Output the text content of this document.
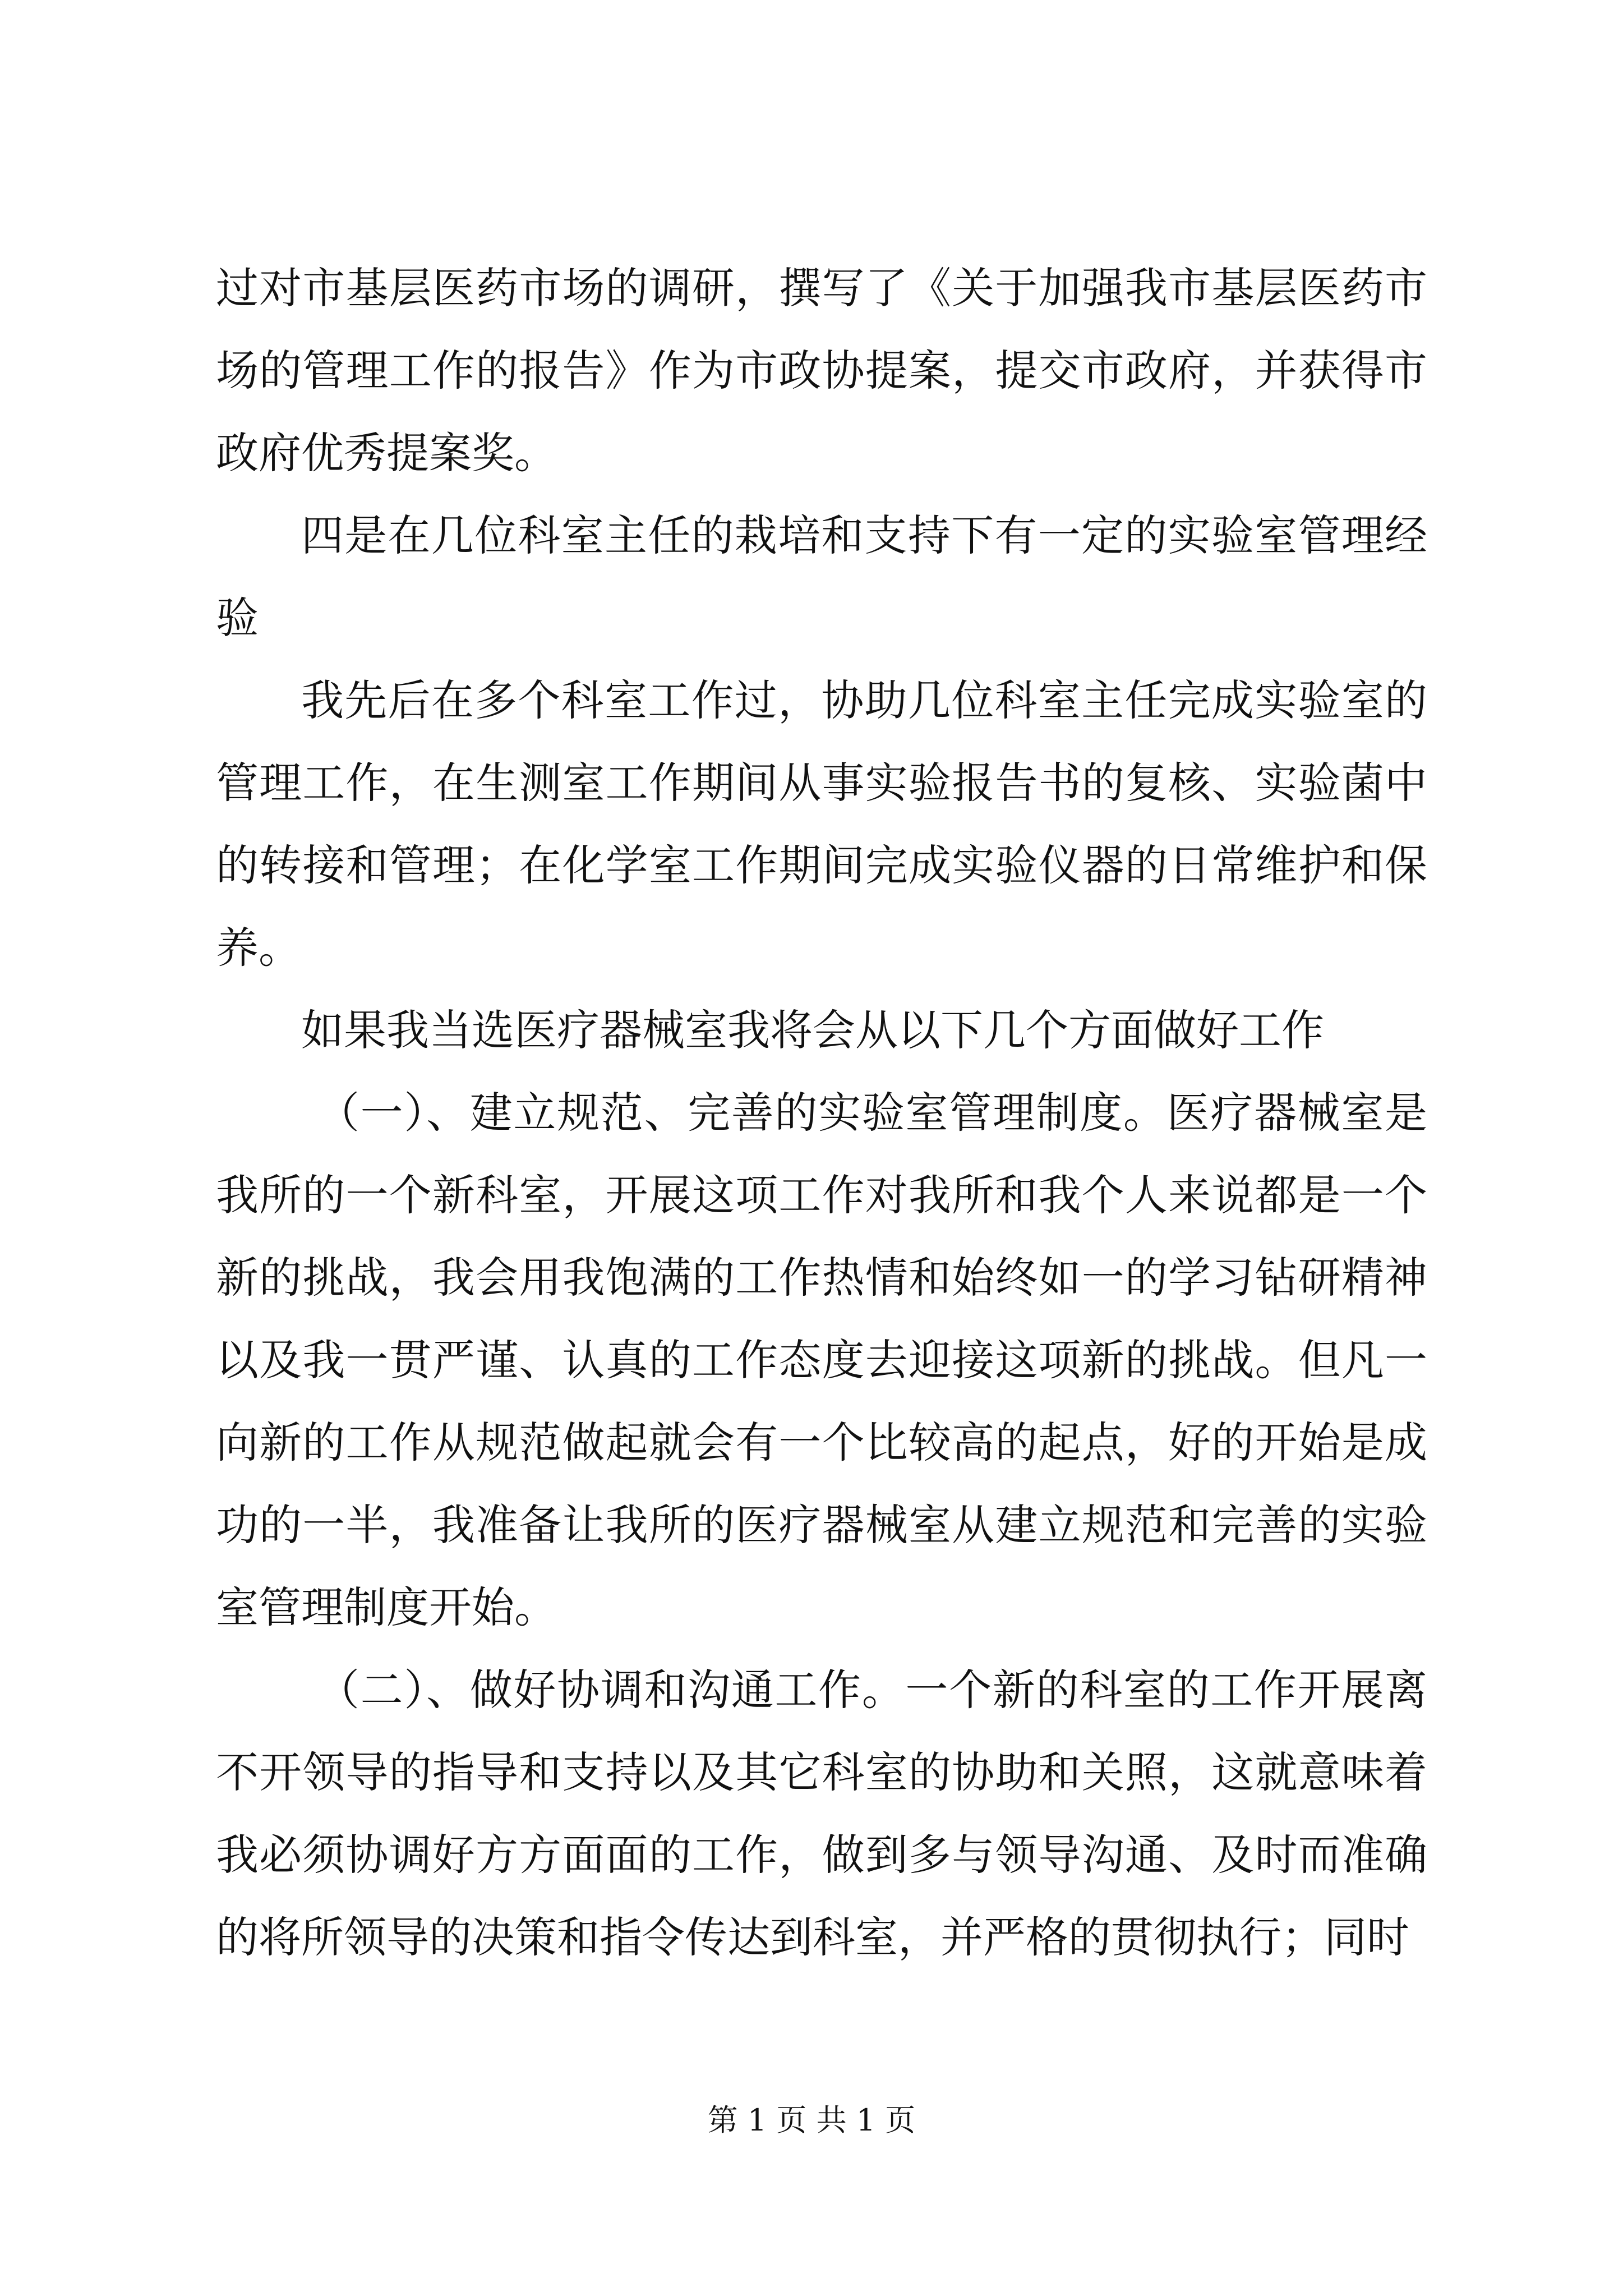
过对市基层医药市场的调研，撰写了《关于加强我市基层医药市场的管理工作的报告》作为市政协提案，提交市政府，并获得市政府优秀提案奖。

四是在几位科室主任的栽培和支持下有一定的实验室管理经验

我先后在多个科室工作过，协助几位科室主任完成实验室的管理工作，在生测室工作期间从事实验报告书的复核、实验菌中的转接和管理；在化学室工作期间完成实验仪器的日常维护和保养。

如果我当选医疗器械室我将会从以下几个方面做好工作

（一）、建立规范、完善的实验室管理制度。医疗器械室是我所的一个新科室，开展这项工作对我所和我个人来说都是一个新的挑战，我会用我饱满的工作热情和始终如一的学习钻研精神以及我一贯严谨、认真的工作态度去迎接这项新的挑战。但凡一向新的工作从规范做起就会有一个比较高的起点，好的开始是成功的一半，我准备让我所的医疗器械室从建立规范和完善的实验室管理制度开始。

（二）、做好协调和沟通工作。一个新的科室的工作开展离不开领导的指导和支持以及其它科室的协助和关照，这就意味着我必须协调好方方面面的工作，做到多与领导沟通、及时而准确的将所领导的决策和指令传达到科室，并严格的贯彻执行；同时

第 1 页 共 1 页
